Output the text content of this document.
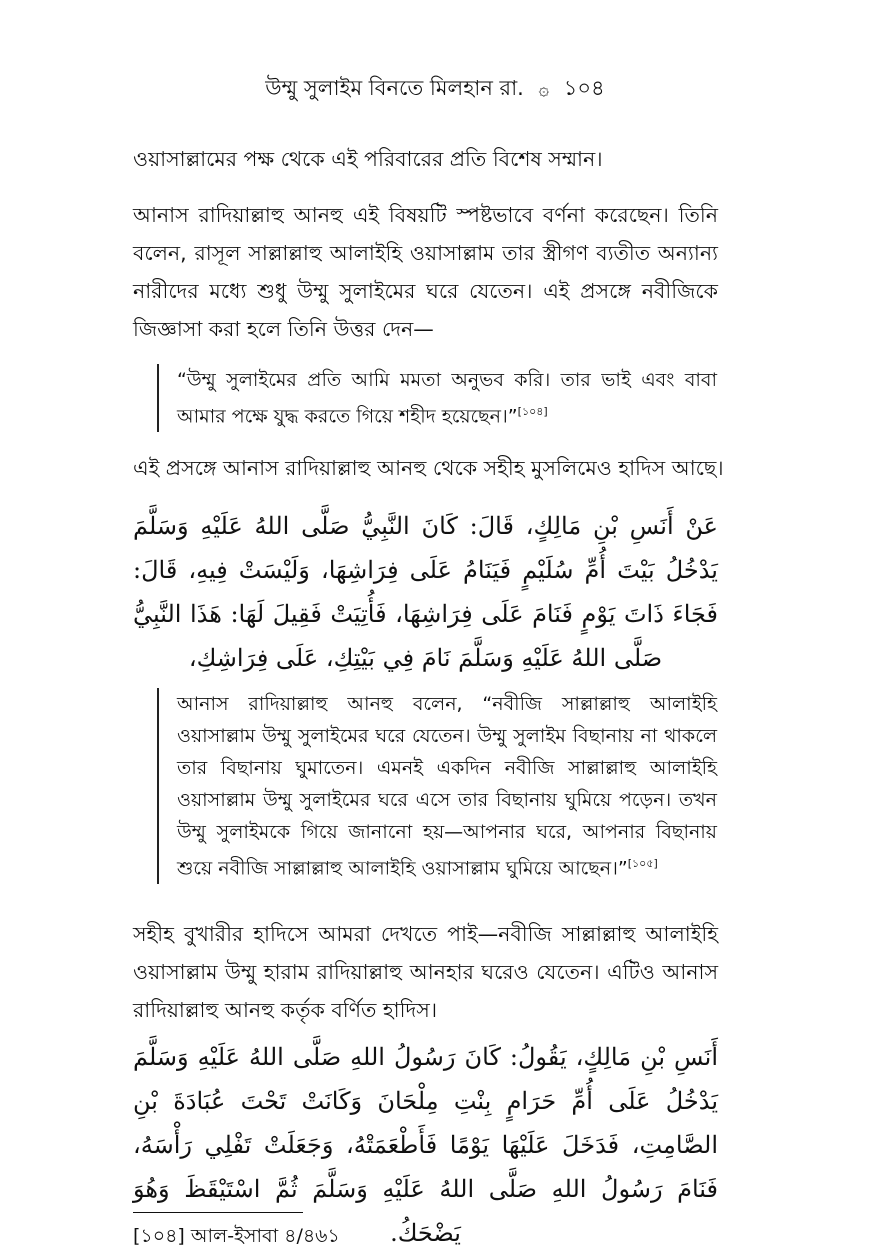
উম্মু সুলাইম বিনতে মিলহান রা. ۞ ১০৪

ওয়াসাল্লামের পক্ষ থেকে এই পরিবারের প্রতি বিশেষ সম্মান।

আনাস রাদিয়াল্লাহু আনহু এই বিষয়টি স্পষ্টভাবে বর্ণনা করেছেন। তিনি বলেন, রাসূল সাল্লাল্লাহু আলাইহি ওয়াসাল্লাম তার স্ত্রীগণ ব্যতীত অন্যান্য নারীদের মধ্যে শুধু উম্মু সুলাইমের ঘরে যেতেন। এই প্রসঙ্গে নবীজিকে জিজ্ঞাসা করা হলে তিনি উত্তর দেন—

“উম্মু সুলাইমের প্রতি আমি মমতা অনুভব করি। তার ভাই এবং বাবা আমার পক্ষে যুদ্ধ করতে গিয়ে শহীদ হয়েছেন।”[১০৪]

এই প্রসঙ্গে আনাস রাদিয়াল্লাহু আনহু থেকে সহীহ মুসলিমেও হাদিস আছে।

عَنْ أَنَسِ بْنِ مَالِكٍ، قَالَ: كَانَ النَّبِيُّ صَلَّى اللهُ عَلَيْهِ وَسَلَّمَ يَدْخُلُ بَيْتَ أُمِّ سُلَيْمٍ فَيَنَامُ عَلَى فِرَاشِهَا، وَلَيْسَتْ فِيهِ، قَالَ: فَجَاءَ ذَاتَ يَوْمٍ فَنَامَ عَلَى فِرَاشِهَا، فَأُتِيَتْ فَقِيلَ لَهَا: هَذَا النَّبِيُّ صَلَّى اللهُ عَلَيْهِ وَسَلَّمَ نَامَ فِي بَيْتِكِ، عَلَى فِرَاشِكِ،

আনাস রাদিয়াল্লাহু আনহু বলেন, “নবীজি সাল্লাল্লাহু আলাইহি ওয়াসাল্লাম উম্মু সুলাইমের ঘরে যেতেন। উম্মু সুলাইম বিছানায় না থাকলে তার বিছানায় ঘুমাতেন। এমনই একদিন নবীজি সাল্লাল্লাহু আলাইহি ওয়াসাল্লাম উম্মু সুলাইমের ঘরে এসে তার বিছানায় ঘুমিয়ে পড়েন। তখন উম্মু সুলাইমকে গিয়ে জানানো হয়—আপনার ঘরে, আপনার বিছানায় শুয়ে নবীজি সাল্লাল্লাহু আলাইহি ওয়াসাল্লাম ঘুমিয়ে আছেন।”[১০৫]

সহীহ বুখারীর হাদিসে আমরা দেখতে পাই—নবীজি সাল্লাল্লাহু আলাইহি ওয়াসাল্লাম উম্মু হারাম রাদিয়াল্লাহু আনহার ঘরেও যেতেন। এটিও আনাস রাদিয়াল্লাহু আনহু কর্তৃক বর্ণিত হাদিস।

أَنَسِ بْنِ مَالِكٍ، يَقُولُ: كَانَ رَسُولُ اللهِ صَلَّى اللهُ عَلَيْهِ وَسَلَّمَ يَدْخُلُ عَلَى أُمِّ حَرَامٍ بِنْتِ مِلْحَانَ وَكَانَتْ تَحْتَ عُبَادَةَ بْنِ الصَّامِتِ، فَدَخَلَ عَلَيْهَا يَوْمًا فَأَطْعَمَتْهُ، وَجَعَلَتْ تَفْلِي رَأْسَهُ، فَنَامَ رَسُولُ اللهِ صَلَّى اللهُ عَلَيْهِ وَسَلَّمَ ثُمَّ اسْتَيْقَظَ وَهُوَ يَضْحَكُ.

[১০৪] আল-ইসাবা ৪/৪৬১
